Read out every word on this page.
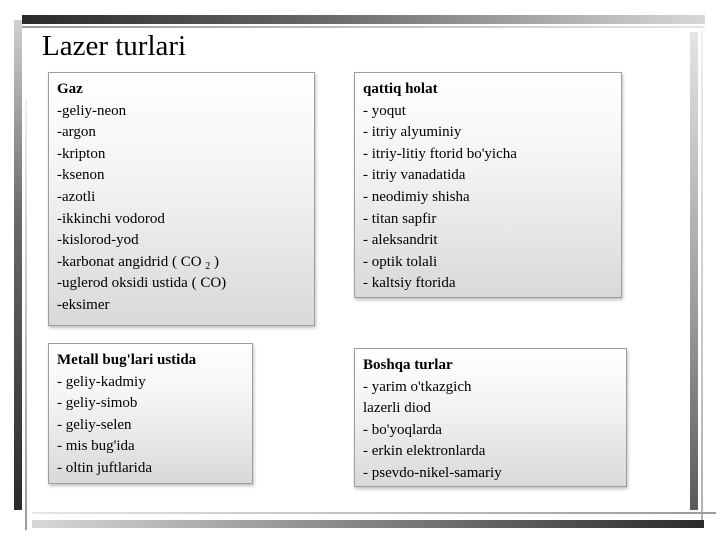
Lazer turlari
Gaz
-geliy-neon
-argon
-kripton
-ksenon
-azotli
-ikkinchi vodorod
-kislorod-yod
-karbonat angidrid ( CO $_2$ )
-uglerod oksidi ustida ( CO)
-eksimer
qattiq holat
- yoqut
- itriy alyuminiy
- itriy-litiy ftorid bo'yicha
- itriy vanadatida
- neodimiy shisha
- titan sapfir
- aleksandrit
- optik tolali
- kaltsiy ftorida
Metall bug'lari ustida
- geliy-kadmiy
- geliy-simob
- geliy-selen
- mis bug'ida
- oltin juftlarida
Boshqa turlar
- yarim o'tkazgich
lazerli diod
- bo'yoqlarda
- erkin elektronlarda
- psevdo-nikel-samariy
